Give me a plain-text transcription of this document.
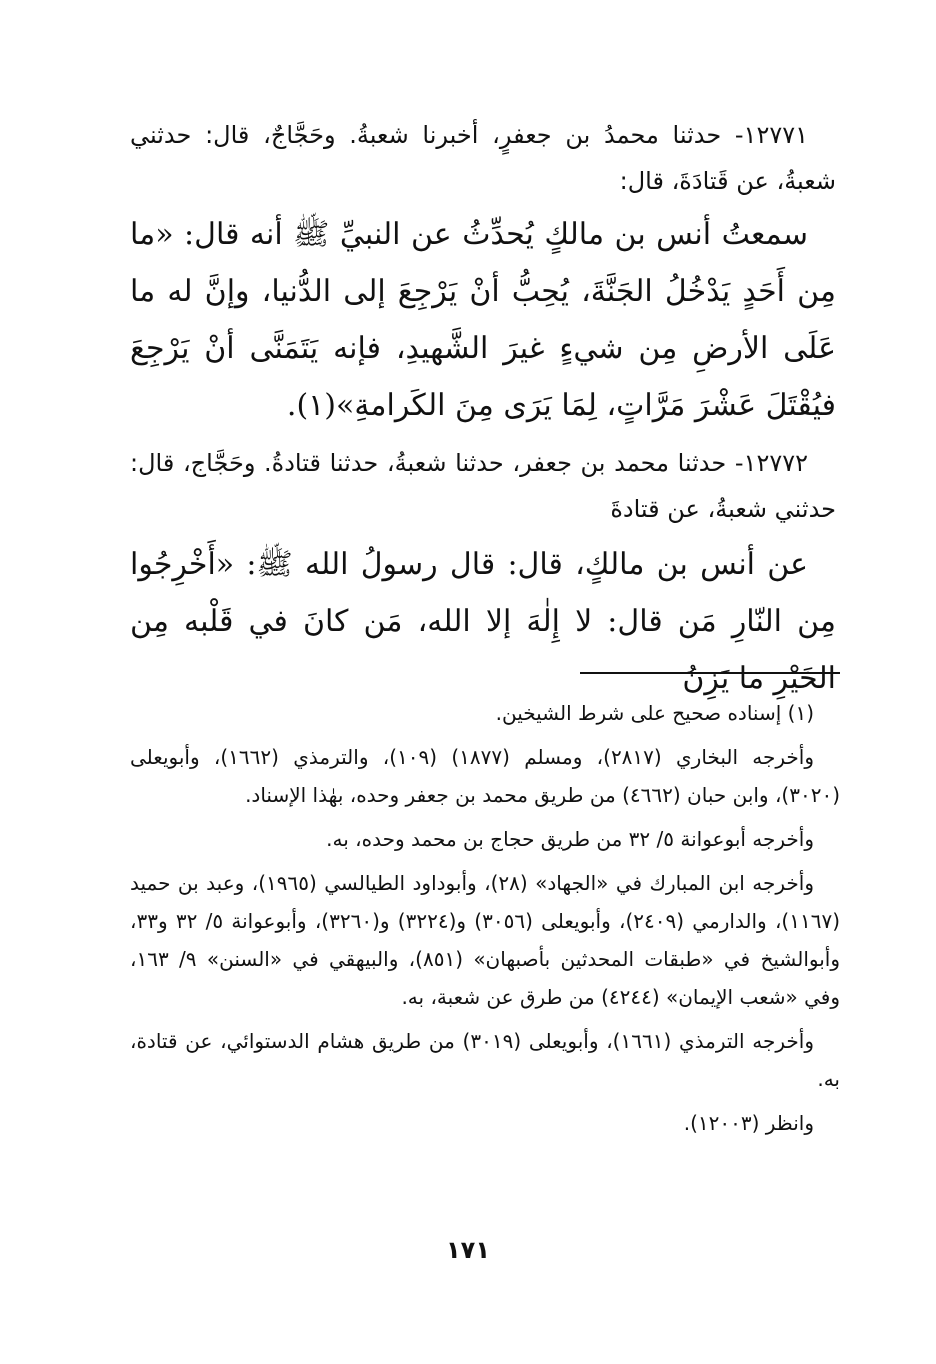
١٢٧٧١- حدثنا محمدُ بن جعفرٍ، أخبرنا شعبةُ. وحَجَّاجٌ، قال: حدثني شعبةُ، عن قَتادَةَ، قال:

سمعتُ أنس بن مالكٍ يُحدِّثُ عن النبيِّ ﷺ أنه قال: «ما مِن أَحَدٍ يَدْخُلُ الجَنَّةَ، يُحِبُّ أنْ يَرْجِعَ إلى الدُّنيا، وإنَّ له ما عَلَى الأرضِ مِن شيءٍ غيرَ الشَّهيدِ، فإنه يَتَمَنَّى أنْ يَرْجِعَ فيُقْتَلَ عَشْرَ مَرَّاتٍ، لِمَا يَرَى مِنَ الكَرامةِ»(١).

١٢٧٧٢- حدثنا محمد بن جعفر، حدثنا شعبةُ، حدثنا قتادةُ. وحَجَّاج، قال: حدثني شعبةُ، عن قتادةَ

عن أنس بن مالكٍ، قال: قال رسولُ الله ﷺ: «أَخْرِجُوا مِن النّارِ مَن قال: لا إِلٰهَ إلا الله، مَن كانَ في قَلْبه مِن الخَيْرِ ما يَزِنُ

(١) إسناده صحيح على شرط الشيخين.

وأخرجه البخاري (٢٨١٧)، ومسلم (١٨٧٧) (١٠٩)، والترمذي (١٦٦٢)، وأبويعلى (٣٠٢٠)، وابن حبان (٤٦٦٢) من طريق محمد بن جعفر وحده، بهٰذا الإسناد.

وأخرجه أبوعوانة ٥/ ٣٢ من طريق حجاج بن محمد وحده، به.

وأخرجه ابن المبارك في «الجهاد» (٢٨)، وأبوداود الطيالسي (١٩٦٥)، وعبد بن حميد (١١٦٧)، والدارمي (٢٤٠٩)، وأبويعلى (٣٠٥٦) و(٣٢٢٤) و(٣٢٦٠)، وأبوعوانة ٥/ ٣٢ و٣٣، وأبوالشيخ في «طبقات المحدثين بأصبهان» (٨٥١)، والبيهقي في «السنن» ٩/ ١٦٣، وفي «شعب الإيمان» (٤٢٤٤) من طرق عن شعبة، به.

وأخرجه الترمذي (١٦٦١)، وأبويعلى (٣٠١٩) من طريق هشام الدستوائي، عن قتادة، به.

وانظر (١٢٠٠٣).

١٧١
